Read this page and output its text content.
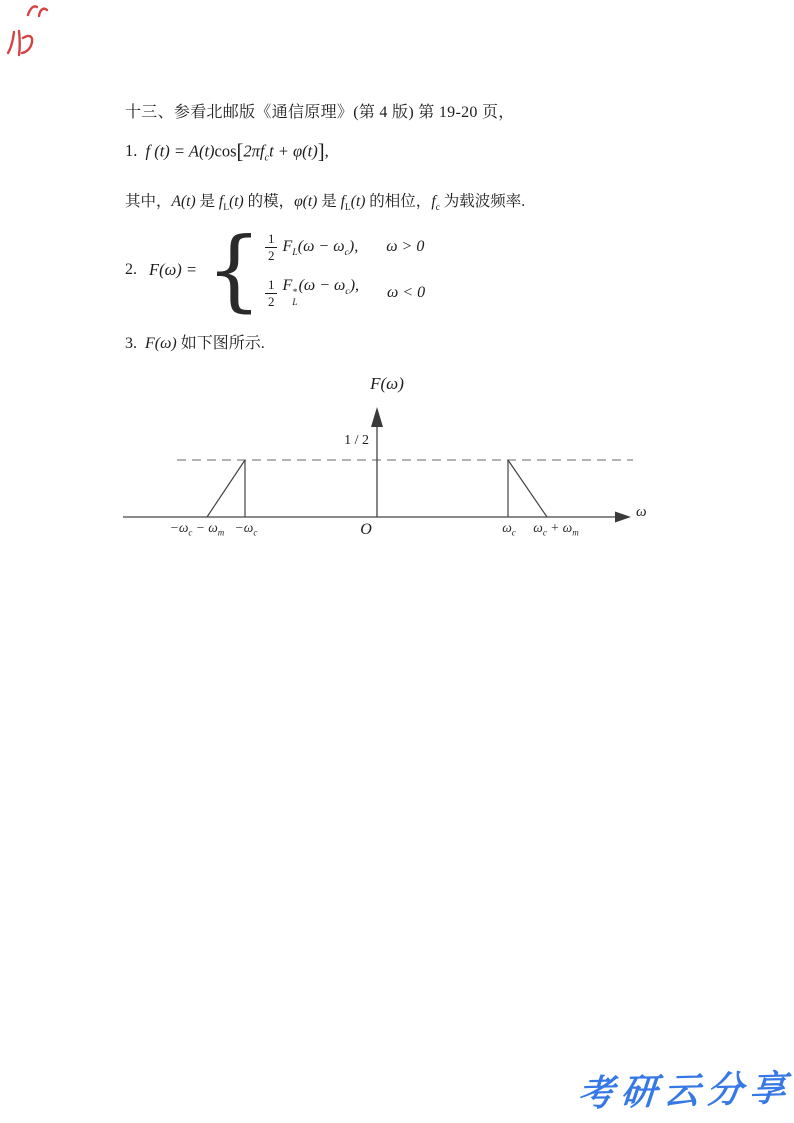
十三、参看北邮版《通信原理》(第 4 版) 第 19-20 页，
1. f $(t) = A(t)\cos[2\pi f_ct + \varphi(t)]$,
其中，A(t) 是 $f_L(t)$ 的模，φ(t) 是 $f_L(t)$ 的相位，$f_c$ 为载波频率.
2. F(ω) = { $\frac{1}{2} F_L(\omega - \omega_c)$, ω > 0
$\frac{1}{2}$ F *
L
$(\omega - \omega_c)$, ω < 0
3. F(ω) 如下图所示.
F(ω)
1 / 2
O
ω
$-\omega_c - \omega_m -\omega_c$	$\omega_c$ $\omega_c + \omega_m$
考研云分享
